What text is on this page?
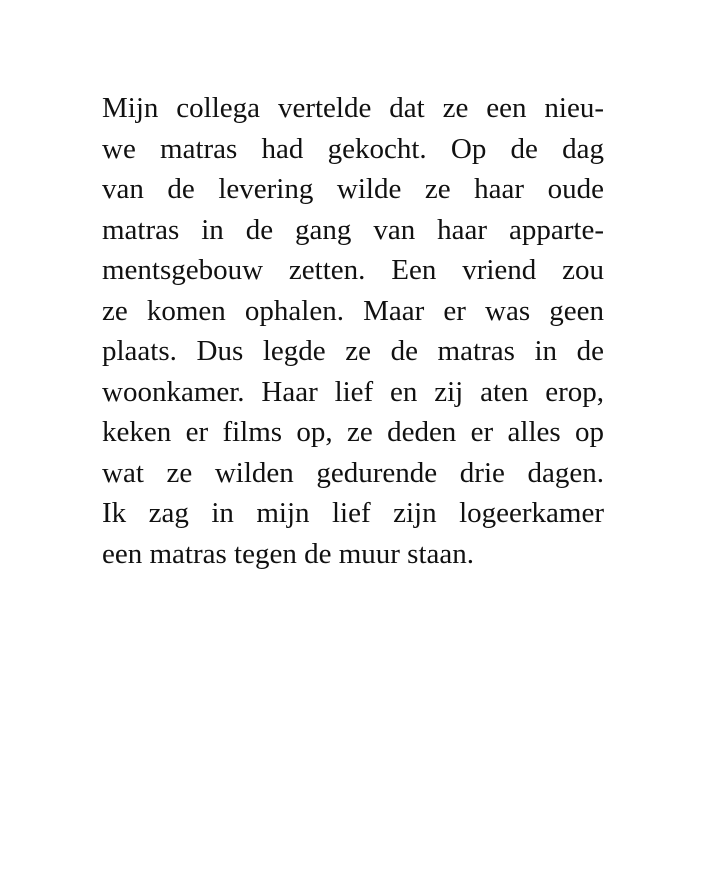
Mijn collega vertelde dat ze een nieu-
we matras had gekocht. Op de dag
van de levering wilde ze haar oude
matras in de gang van haar apparte-
mentsgebouw zetten. Een vriend zou
ze komen ophalen. Maar er was geen
plaats. Dus legde ze de matras in de
woonkamer. Haar lief en zij aten erop,
keken er films op, ze deden er alles op
wat ze wilden gedurende drie dagen.
Ik zag in mijn lief zijn logeerkamer
een matras tegen de muur staan.
